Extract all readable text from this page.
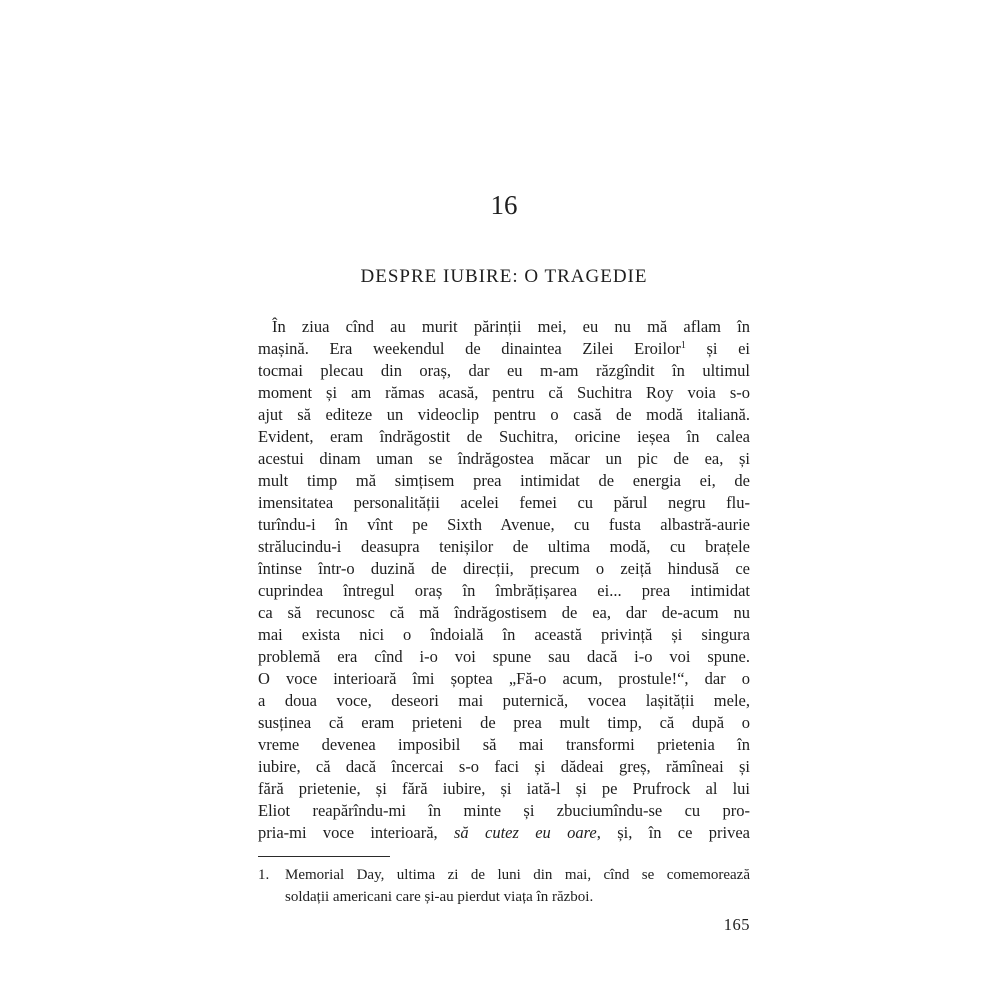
16
DESPRE IUBIRE: O TRAGEDIE
În ziua cînd au murit părinții mei, eu nu mă aflam în
mașină. Era weekendul de dinaintea Zilei Eroilor$^1$ și ei
tocmai plecau din oraș, dar eu m-am răzgîndit în ultimul
moment și am rămas acasă, pentru că Suchitra Roy voia s-o
ajut să editeze un videoclip pentru o casă de modă italiană.
Evident, eram îndrăgostit de Suchitra, oricine ieșea în calea
acestui dinam uman se îndrăgostea măcar un pic de ea, și
mult timp mă simțisem prea intimidat de energia ei, de
imensitatea personalității acelei femei cu părul negru flu-
turîndu-i în vînt pe Sixth Avenue, cu fusta albastră-aurie
strălucindu-i deasupra tenișilor de ultima modă, cu brațele
întinse într-o duzină de direcții, precum o zeiță hindusă ce
cuprindea întregul oraș în îmbrățișarea ei... prea intimidat
ca să recunosc că mă îndrăgostisem de ea, dar de-acum nu
mai exista nici o îndoială în această privință și singura
problemă era cînd i-o voi spune sau dacă i-o voi spune.
O voce interioară îmi șoptea „Fă-o acum, prostule!“, dar o
a doua voce, deseori mai puternică, vocea lașității mele,
susținea că eram prieteni de prea mult timp, că după o
vreme devenea imposibil să mai transformi prietenia în
iubire, că dacă încercai s-o faci și dădeai greș, rămîneai și
fără prietenie, și fără iubire, și iată-l și pe Prufrock al lui
Eliot reapărîndu-mi în minte și zbuciumîndu-se cu pro-
pria-mi voce interioară, să cutez eu oare, și, în ce privea
1. Memorial Day, ultima zi de luni din mai, cînd se comemorează
soldații americani care și-au pierdut viața în război.
165
